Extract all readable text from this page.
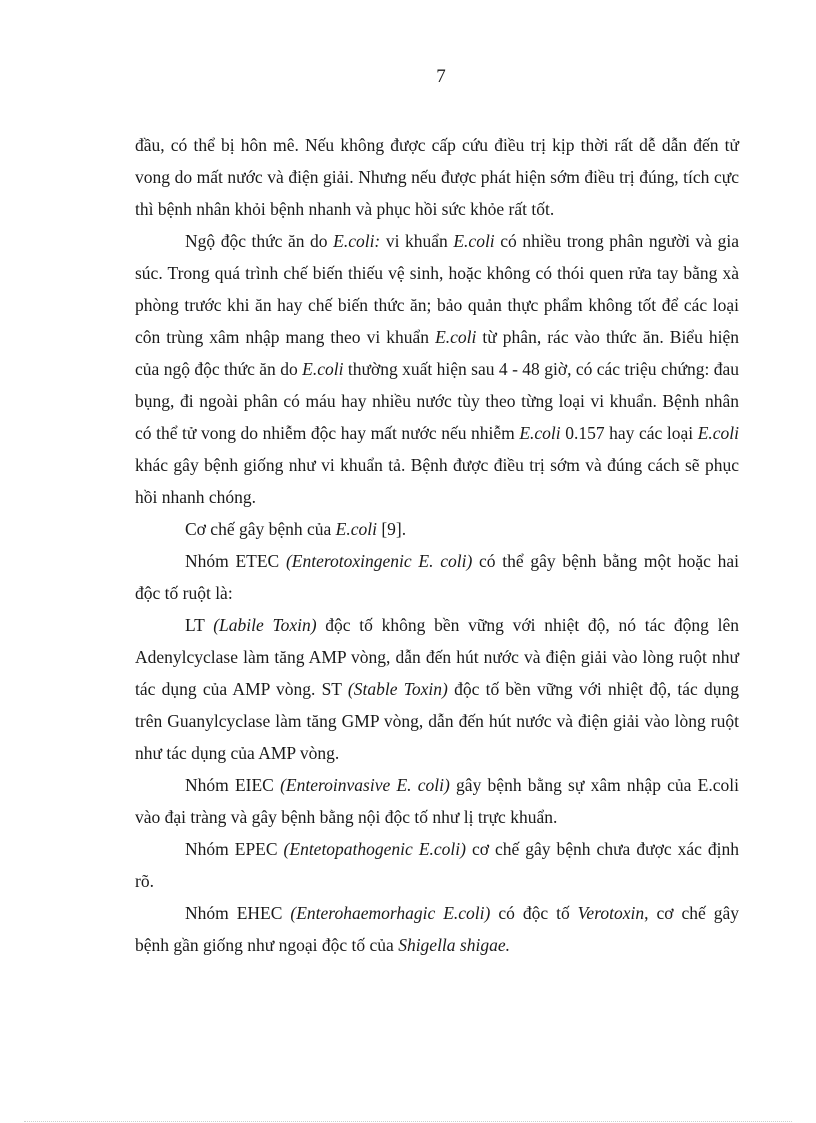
7

đầu, có thể bị hôn mê. Nếu không được cấp cứu điều trị kịp thời rất dễ dẫn đến tử vong do mất nước và điện giải. Nhưng nếu được phát hiện sớm điều trị đúng, tích cực thì bệnh nhân khỏi bệnh nhanh và phục hồi sức khỏe rất tốt.

Ngộ độc thức ăn do E.coli: vi khuẩn E.coli có nhiều trong phân người và gia súc. Trong quá trình chế biến thiếu vệ sinh, hoặc không có thói quen rửa tay bằng xà phòng trước khi ăn hay chế biến thức ăn; bảo quản thực phẩm không tốt để các loại côn trùng xâm nhập mang theo vi khuẩn E.coli từ phân, rác vào thức ăn. Biểu hiện của ngộ độc thức ăn do E.coli thường xuất hiện sau 4 - 48 giờ, có các triệu chứng: đau bụng, đi ngoài phân có máu hay nhiều nước tùy theo từng loại vi khuẩn. Bệnh nhân có thể tử vong do nhiễm độc hay mất nước nếu nhiễm E.coli 0.157 hay các loại E.coli khác gây bệnh giống như vi khuẩn tả. Bệnh được điều trị sớm và đúng cách sẽ phục hồi nhanh chóng.

Cơ chế gây bệnh của E.coli [9].

Nhóm ETEC (Enterotoxingenic E. coli) có thể gây bệnh bằng một hoặc hai độc tố ruột là:

LT (Labile Toxin) độc tố không bền vững với nhiệt độ, nó tác động lên Adenylcyclase làm tăng AMP vòng, dẫn đến hút nước và điện giải vào lòng ruột như tác dụng của AMP vòng. ST (Stable Toxin) độc tố bền vững với nhiệt độ, tác dụng trên Guanylcyclase làm tăng GMP vòng, dẫn đến hút nước và điện giải vào lòng ruột như tác dụng của AMP vòng.

Nhóm EIEC (Enteroinvasive E. coli) gây bệnh bằng sự xâm nhập của E.coli vào đại tràng và gây bệnh bằng nội độc tố như lị trực khuẩn.

Nhóm EPEC (Entetopathogenic E.coli) cơ chế gây bệnh chưa được xác định rõ.

Nhóm EHEC (Enterohaemorhagic E.coli) có độc tố Verotoxin, cơ chế gây bệnh gần giống như ngoại độc tố của Shigella shigae.
